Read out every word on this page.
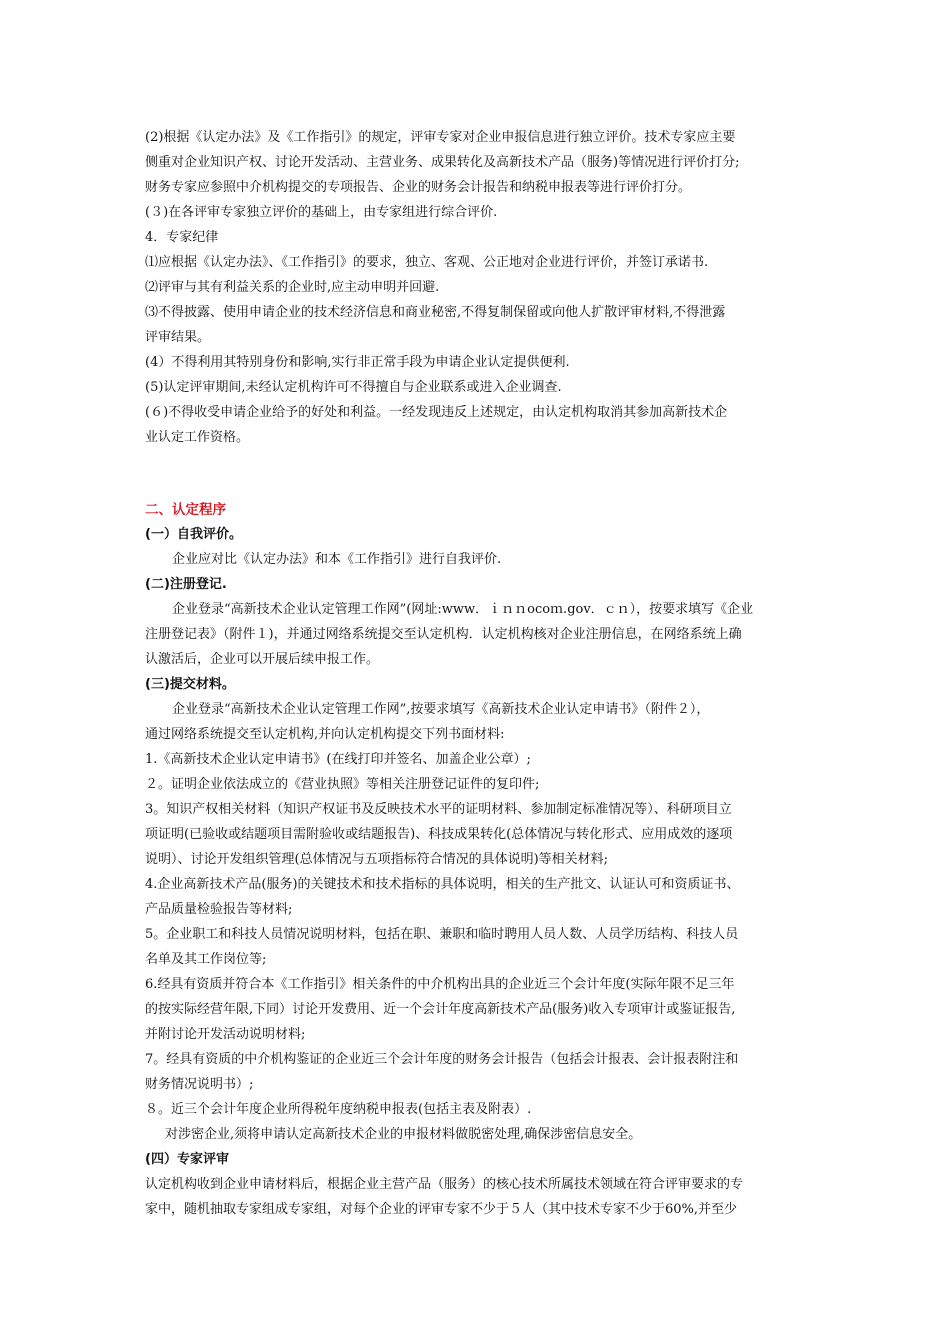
(2)根据《认定办法》及《工作指引》的规定，评审专家对企业申报信息进行独立评价。技术专家应主要
侧重对企业知识产权、讨论开发活动、主营业务、成果转化及高新技术产品（服务)等情况进行评价打分;
财务专家应参照中介机构提交的专项报告、企业的财务会计报告和纳税申报表等进行评价打分。
(３)在各评审专家独立评价的基础上，由专家组进行综合评价.
4．专家纪律
⑴应根据《认定办法》、《工作指引》的要求，独立、客观、公正地对企业进行评价，并签订承诺书.
⑵评审与其有利益关系的企业时,应主动申明并回避.
⑶不得披露、使用申请企业的技术经济信息和商业秘密,不得复制保留或向他人扩散评审材料,不得泄露
评审结果。
(4）不得利用其特别身份和影响,实行非正常手段为申请企业认定提供便利.
(5)认定评审期间,未经认定机构许可不得擅自与企业联系或进入企业调查.
(６)不得收受申请企业给予的好处和利益。一经发现违反上述规定，由认定机构取消其参加高新技术企
业认定工作资格。
二、认定程序
(一）自我评价。
企业应对比《认定办法》和本《工作指引》进行自我评价.
(二)注册登记.
企业登录“高新技术企业认定管理工作网”(网址:www．ｉｎｎocoｍ.gov．ｃｎ），按要求填写《企业
注册登记表》（附件１)，并通过网络系统提交至认定机构．认定机构核对企业注册信息，在网络系统上确
认激活后，企业可以开展后续申报工作。
(三)提交材料。
企业登录“高新技术企业认定管理工作网”,按要求填写《高新技术企业认定申请书》（附件２），
通过网络系统提交至认定机构,并向认定机构提交下列书面材料:
1.《高新技术企业认定申请书》(在线打印并签名、加盖企业公章）;
２。证明企业依法成立的《营业执照》等相关注册登记证件的复印件;
3。知识产权相关材料（知识产权证书及反映技术水平的证明材料、参加制定标准情况等）、科研项目立
项证明(已验收或结题项目需附验收或结题报告)、科技成果转化(总体情况与转化形式、应用成效的逐项
说明）、讨论开发组织管理(总体情况与五项指标符合情况的具体说明)等相关材料;
4.企业高新技术产品(服务)的关键技术和技术指标的具体说明，相关的生产批文、认证认可和资质证书、
产品质量检验报告等材料;
5。企业职工和科技人员情况说明材料，包括在职、兼职和临时聘用人员人数、人员学历结构、科技人员
名单及其工作岗位等;
6.经具有资质并符合本《工作指引》相关条件的中介机构出具的企业近三个会计年度(实际年限不足三年
的按实际经营年限,下同）讨论开发费用、近一个会计年度高新技术产品(服务)收入专项审计或鉴证报告,
并附讨论开发活动说明材料;
7。经具有资质的中介机构鉴证的企业近三个会计年度的财务会计报告（包括会计报表、会计报表附注和
财务情况说明书）;
８。近三个会计年度企业所得税年度纳税申报表(包括主表及附表）.
对涉密企业,须将申请认定高新技术企业的申报材料做脱密处理,确保涉密信息安全。
(四）专家评审
认定机构收到企业申请材料后，根据企业主营产品（服务）的核心技术所属技术领域在符合评审要求的专
家中，随机抽取专家组成专家组，对每个企业的评审专家不少于５人（其中技术专家不少于60%,并至少
